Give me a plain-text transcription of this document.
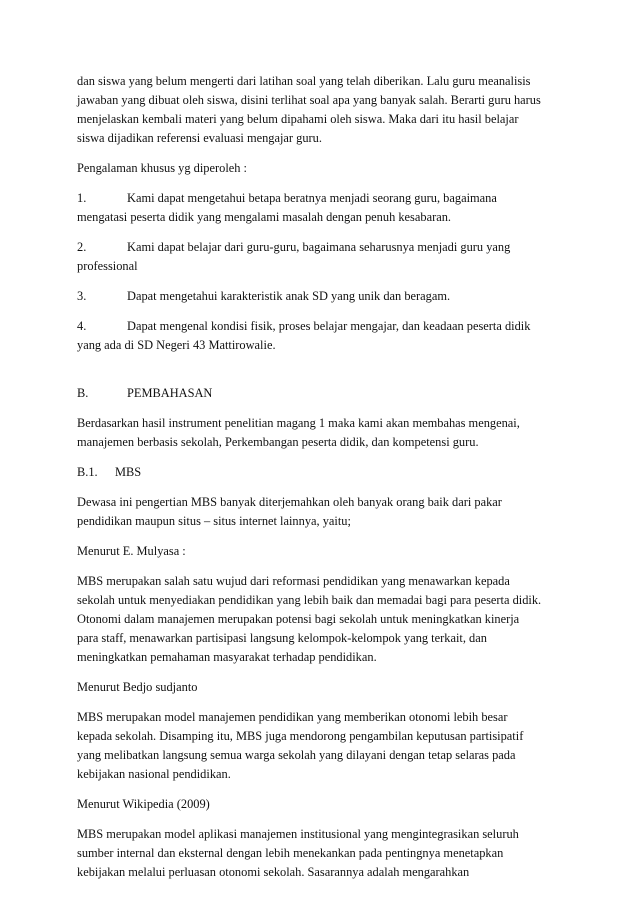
dan siswa yang belum mengerti dari latihan soal yang telah diberikan. Lalu guru meanalisis
jawaban yang dibuat oleh siswa, disini terlihat soal apa yang banyak salah. Berarti guru harus
menjelaskan kembali materi yang belum dipahami oleh siswa. Maka dari itu hasil belajar
siswa dijadikan referensi evaluasi mengajar guru.

Pengalaman khusus yg diperoleh :

1.	Kami dapat mengetahui betapa beratnya menjadi seorang guru, bagaimana
mengatasi peserta didik yang mengalami masalah dengan penuh kesabaran.
2.	Kami dapat belajar dari guru-guru, bagaimana seharusnya menjadi guru yang
professional
3.	Dapat mengetahui karakteristik anak SD yang unik dan beragam.
4.	Dapat mengenal kondisi fisik, proses belajar mengajar, dan keadaan peserta didik
yang ada di SD Negeri 43 Mattirowalie.
B.	PEMBAHASAN

Berdasarkan hasil instrument penelitian magang 1 maka kami akan membahas mengenai,
manajemen berbasis sekolah, Perkembangan peserta didik, dan kompetensi guru.

B.1.	MBS

Dewasa ini pengertian MBS banyak diterjemahkan oleh banyak orang baik dari pakar
pendidikan maupun situs – situs internet lainnya, yaitu;

Menurut E. Mulyasa :

MBS merupakan salah satu wujud dari reformasi pendidikan yang menawarkan kepada
sekolah untuk menyediakan pendidikan yang lebih baik dan memadai bagi para peserta didik.
Otonomi dalam manajemen merupakan potensi bagi sekolah untuk meningkatkan kinerja
para staff, menawarkan partisipasi langsung kelompok-kelompok yang terkait, dan
meningkatkan pemahaman masyarakat terhadap pendidikan.

Menurut Bedjo sudjanto

MBS merupakan model manajemen pendidikan yang memberikan otonomi lebih besar
kepada sekolah. Disamping itu, MBS juga mendorong pengambilan keputusan partisipatif
yang melibatkan langsung semua warga sekolah yang dilayani dengan tetap selaras pada
kebijakan nasional pendidikan.

Menurut Wikipedia (2009)

MBS merupakan model aplikasi manajemen institusional yang mengintegrasikan seluruh
sumber internal dan eksternal dengan lebih menekankan pada pentingnya menetapkan
kebijakan melalui perluasan otonomi sekolah. Sasarannya adalah mengarahkan
